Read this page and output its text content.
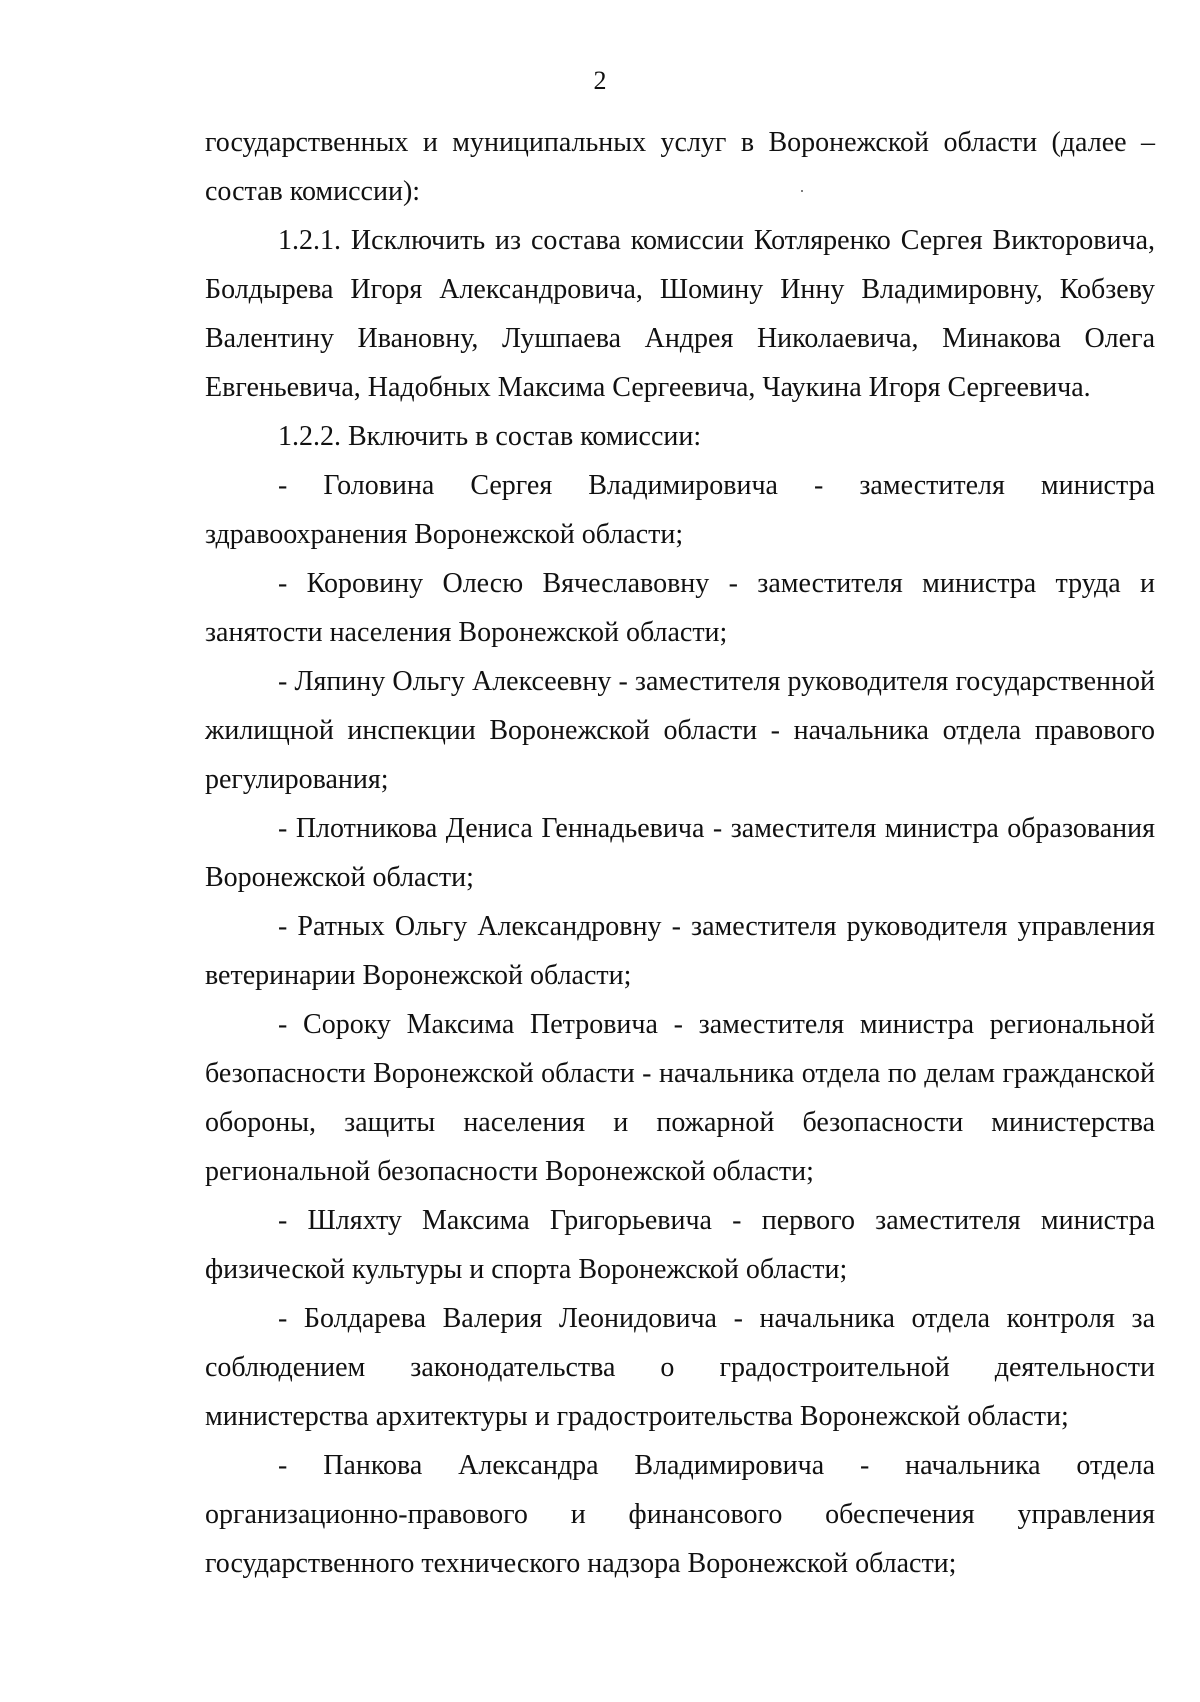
2

государственных и муниципальных услуг в Воронежской области (далее – состав комиссии):

1.2.1. Исключить из состава комиссии Котляренко Сергея Викторовича, Болдырева Игоря Александровича, Шомину Инну Владимировну, Кобзеву Валентину Ивановну, Лушпаева Андрея Николаевича, Минакова Олега Евгеньевича, Надобных Максима Сергеевича, Чаукина Игоря Сергеевича.

1.2.2. Включить в состав комиссии:

- Головина Сергея Владимировича - заместителя министра здравоохранения Воронежской области;

- Коровину Олесю Вячеславовну - заместителя министра труда и занятости населения Воронежской области;

- Ляпину Ольгу Алексеевну - заместителя руководителя государственной жилищной инспекции Воронежской области - начальника отдела правового регулирования;

- Плотникова Дениса Геннадьевича - заместителя министра образования Воронежской области;

- Ратных Ольгу Александровну - заместителя руководителя управления ветеринарии Воронежской области;

- Сороку Максима Петровича - заместителя министра региональной безопасности Воронежской области - начальника отдела по делам гражданской обороны, защиты населения и пожарной безопасности министерства региональной безопасности Воронежской области;

- Шляхту Максима Григорьевича - первого заместителя министра физической культуры и спорта Воронежской области;

- Болдарева Валерия Леонидовича - начальника отдела контроля за соблюдением законодательства о градостроительной деятельности министерства архитектуры и градостроительства Воронежской области;

- Панкова Александра Владимировича - начальника отдела организационно-правового и финансового обеспечения управления государственного технического надзора Воронежской области;
